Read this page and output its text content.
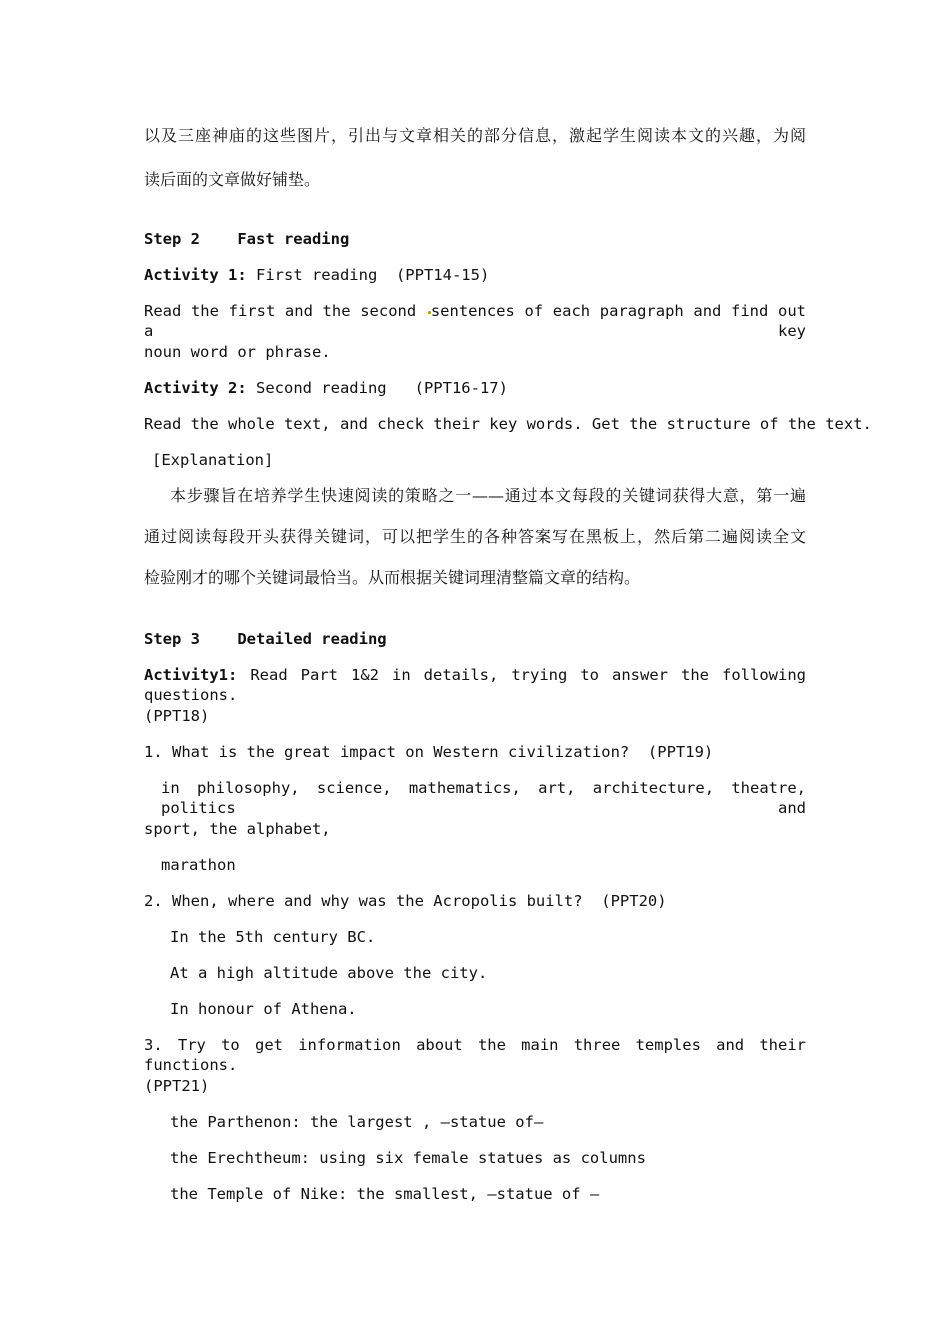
以及三座神庙的这些图片，引出与文章相关的部分信息，激起学生阅读本文的兴趣，为阅
读后面的文章做好铺垫。
Step 2    Fast reading
Activity 1: First reading  (PPT14-15)
Read the first and the second sentences of each paragraph and find out a key
noun word or phrase.
Activity 2: Second reading   (PPT16-17)
Read the whole text, and check their key words. Get the structure of the text.
[Explanation]
本步骤旨在培养学生快速阅读的策略之一——通过本文每段的关键词获得大意，第一遍
通过阅读每段开头获得关键词，可以把学生的各种答案写在黑板上，然后第二遍阅读全文
检验刚才的哪个关键词最恰当。从而根据关键词理清整篇文章的结构。
Step 3    Detailed reading
Activity1: Read Part 1&2 in details, trying to answer the following questions.
(PPT18)
1. What is the great impact on Western civilization?  (PPT19)
in philosophy, science, mathematics, art, architecture, theatre, politics and
sport, the alphabet,
marathon
2. When, where and why was the Acropolis built?  (PPT20)
In the 5th century BC.
At a high altitude above the city.
In honour of Athena.
3. Try to get information about the main three temples and their functions.
(PPT21)
the Parthenon: the largest , —statue of—
the Erechtheum: using six female statues as columns
the Temple of Nike: the smallest, —statue of —
